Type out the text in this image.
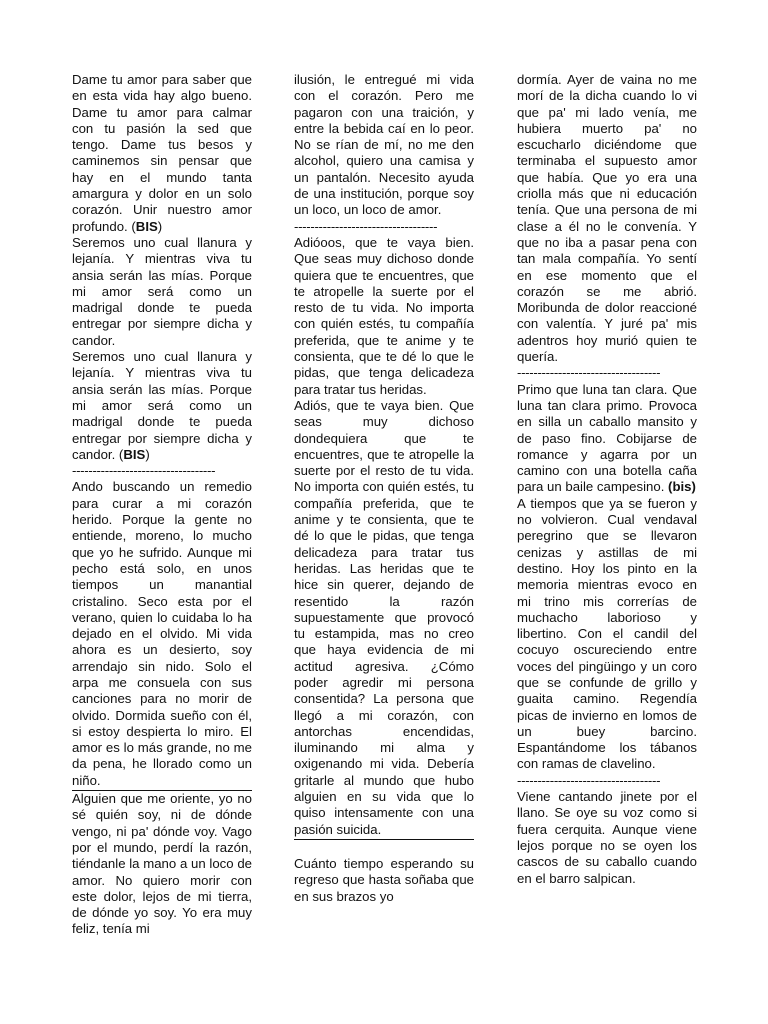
Dame tu amor para saber que en esta vida hay algo bueno. Dame tu amor para calmar con tu pasión la sed que tengo. Dame tus besos y caminemos sin pensar que hay en el mundo tanta amargura y dolor en un solo corazón. Unir nuestro amor profundo. (BIS)

Seremos uno cual llanura y lejanía. Y mientras viva tu ansia serán las mías. Porque mi amor será como un madrigal donde te pueda entregar por siempre dicha y candor.

Seremos uno cual llanura y lejanía. Y mientras viva tu ansia serán las mías. Porque mi amor será como un madrigal donde te pueda entregar por siempre dicha y candor. (BIS)

-----------------------------------

Ando buscando un remedio para curar a mi corazón herido. Porque la gente no entiende, moreno, lo mucho que yo he sufrido. Aunque mi pecho está solo, en unos tiempos un manantial cristalino. Seco esta por el verano, quien lo cuidaba lo ha dejado en el olvido. Mi vida ahora es un desierto, soy arrendajo sin nido. Solo el arpa me consuela con sus canciones para no morir de olvido. Dormida sueño con él, si estoy despierta lo miro. El amor es lo más grande, no me da pena, he llorado como un niño.

Alguien que me oriente, yo no sé quién soy, ni de dónde vengo, ni pa' dónde voy. Vago por el mundo, perdí la razón, tiéndanle la mano a un loco de amor. No quiero morir con este dolor, lejos de mi tierra, de dónde yo soy. Yo era muy feliz, tenía mi

ilusión, le entregué mi vida con el corazón. Pero me pagaron con una traición, y entre la bebida caí en lo peor. No se rían de mí, no me den alcohol, quiero una camisa y un pantalón. Necesito ayuda de una institución, porque soy un loco, un loco de amor.

-----------------------------------

Adióoos, que te vaya bien. Que seas muy dichoso donde quiera que te encuentres, que te atropelle la suerte por el resto de tu vida. No importa con quién estés, tu compañía preferida, que te anime y te consienta, que te dé lo que le pidas, que tenga delicadeza para tratar tus heridas.

Adiós, que te vaya bien. Que seas muy dichoso dondequiera que te encuentres, que te atropelle la suerte por el resto de tu vida. No importa con quién estés, tu compañía preferida, que te anime y te consienta, que te dé lo que le pidas, que tenga delicadeza para tratar tus heridas. Las heridas que te hice sin querer, dejando de resentido la razón supuestamente que provocó tu estampida, mas no creo que haya evidencia de mi actitud agresiva. ¿Cómo poder agredir mi persona consentida? La persona que llegó a mi corazón, con antorchas encendidas, iluminando mi alma y oxigenando mi vida. Debería gritarle al mundo que hubo alguien en su vida que lo quiso intensamente con una pasión suicida.

Cuánto tiempo esperando su regreso que hasta soñaba que en sus brazos yo

dormía. Ayer de vaina no me morí de la dicha cuando lo vi que pa' mi lado venía, me hubiera muerto pa' no escucharlo diciéndome que terminaba el supuesto amor que había. Que yo era una criolla más que ni educación tenía. Que una persona de mi clase a él no le convenía. Y que no iba a pasar pena con tan mala compañía. Yo sentí en ese momento que el corazón se me abrió. Moribunda de dolor reaccioné con valentía. Y juré pa' mis adentros hoy murió quien te quería.

-----------------------------------

Primo que luna tan clara. Que luna tan clara primo. Provoca en silla un caballo mansito y de paso fino. Cobijarse de romance y agarra por un camino con una botella caña para un baile campesino. (bis)

A tiempos que ya se fueron y no volvieron. Cual vendaval peregrino que se llevaron cenizas y astillas de mi destino. Hoy los pinto en la memoria mientras evoco en mi trino mis correrías de muchacho laborioso y libertino. Con el candil del cocuyo oscureciendo entre voces del pingüingo y un coro que se confunde de grillo y guaita camino. Regendía picas de invierno en lomos de un buey barcino. Espantándome los tábanos con ramas de clavelino.

-----------------------------------

Viene cantando jinete por el llano. Se oye su voz como si fuera cerquita. Aunque viene lejos porque no se oyen los cascos de su caballo cuando en el barro salpican.
